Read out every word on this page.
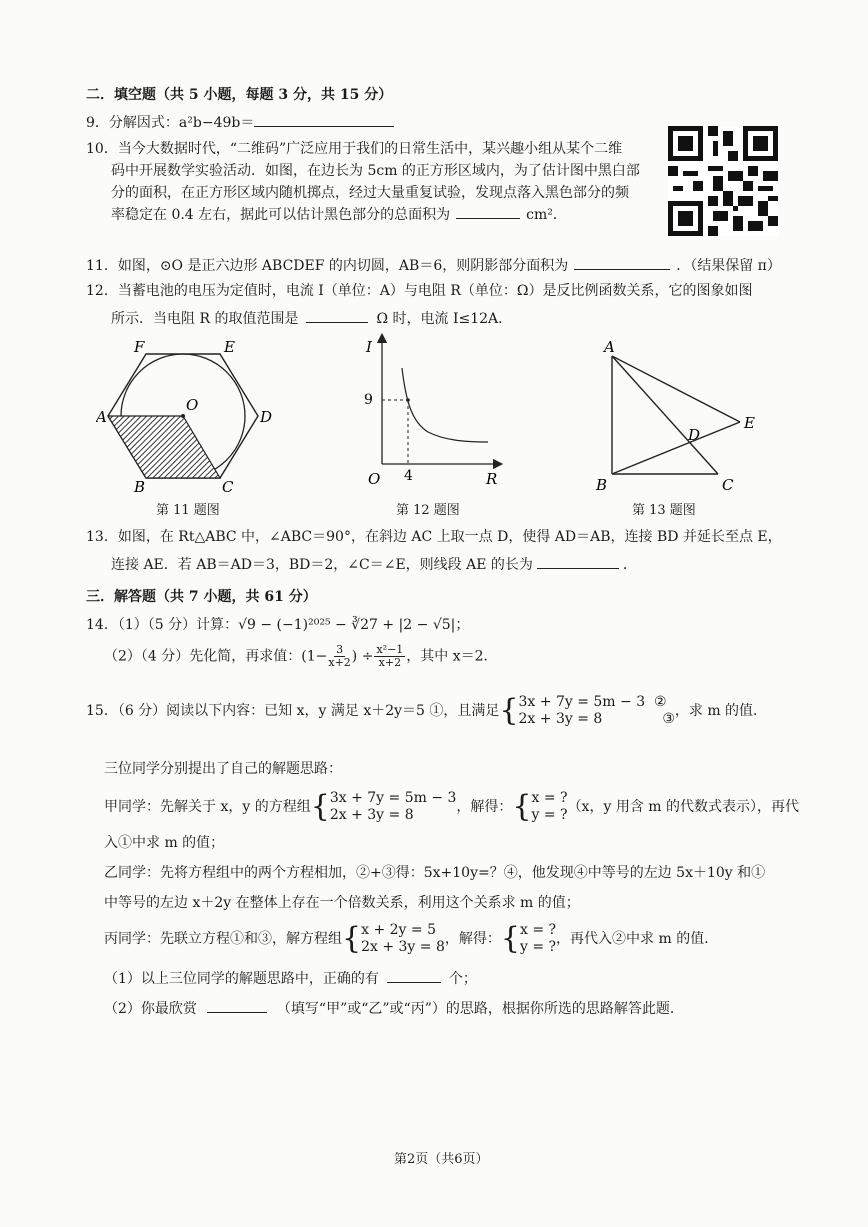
二．填空题（共 5 小题，每题 3 分，共 15 分）
9．分解因式：a²b−49b＝
10．当今大数据时代，“二维码”广泛应用于我们的日常生活中，某兴趣小组从某个二维
码中开展数学实验活动．如图，在边长为 5cm 的正方形区域内，为了估计图中黑白部
分的面积，在正方形区域内随机掷点，经过大量重复试验，发现点落入黑色部分的频
率稳定在 0.4 左右，据此可以估计黑色部分的总面积为	cm²．
11．如图，⊙O 是正六边形 ABCDEF 的内切圆，AB＝6，则阴影部分面积为	．（结果保留 π）
12．当蓄电池的电压为定值时，电流 I（单位：A）与电阻 R（单位：Ω）是反比例函数关系，它的图象如图
所示．当电阻 R 的取值范围是	Ω 时，电流 I≤12A．
F	E
A
O
D
B	C
第 11 题图
I
9
O 4	R
第 12 题图
A
D
E
B	C
第 13 题图
13．如图，在 Rt△ABC 中，∠ABC＝90°，在斜边 AC 上取一点 D，使得 AD＝AB，连接 BD 并延长至点 E，
连接 AE．若 AB＝AD＝3，BD＝2，∠C＝∠E，则线段 AE 的长为	．
三．解答题（共 7 小题，共 61 分）
14．（1）（5 分）计算：√9 − (−1)²⁰²⁵ − ∛27 + |2 − √5|；
（2）（4 分）先化简，再求值：($1- \frac{3}{x+2}$ ) ÷ $\frac{\text{x²−1}}{x+2}$ ，其中 x＝2．
15．（6 分）阅读以下内容：已知 x，y 满足 x＋2y＝5 ①，且满足{ 3x + 7y = 5m − 3 ②
2x + 3y = 8	③ ，求 m 的值．
三位同学分别提出了自己的解题思路：
甲同学：先解关于 x，y 的方程组{ 3x + 7y = 5m − 3
2x + 3y = 8	，解得：{ x = ?
y = ? （x，y 用含 m 的代数式表示），再代
入①中求 m 的值；
乙同学：先将方程组中的两个方程相加，②+③得：5x+10y=？④，他发现④中等号的左边 5x＋10y 和①
中等号的左边 x＋2y 在整体上存在一个倍数关系，利用这个关系求 m 的值；
丙同学：先联立方程①和③，解方程组{ x + 2y = 5
2x + 3y = 8 ，解得：{ x = ?
y = ? ，再代入②中求 m 的值．
（1）以上三位同学的解题思路中，正确的有	个；
（2）你最欣赏	（填写“甲”或“乙”或“丙”）的思路，根据你所选的思路解答此题．
第2页（共6页）
